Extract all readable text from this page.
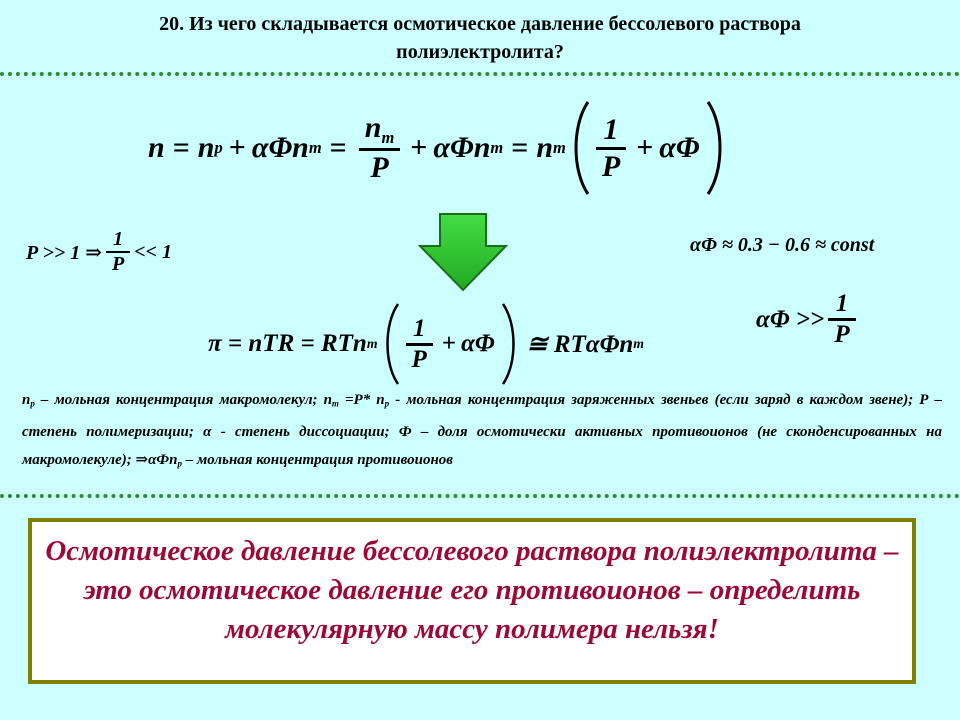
20. Из чего складывается осмотическое давление бессолевого раствора
полиэлектролита?
n = n p + αΦ n $m = \frac{n_m}{P} + \alpha\Phi$ n m = n m $\frac{1}{P} + \alpha\Phi$
P >> 1 ⇒ $\frac{1}{P} << 1$	αΦ ≈ 0.3 − 0.6 ≈ const
π = nTR = RTn m $\frac{1}{P} + \alpha\Phi$ ≅ RTαΦn m
$\alpha\Phi >> \frac{1}{P}$
$n_p$ – мольная концентрация макромолекул; $n_m =P*$ $n_p$ - мольная концентрация заряженных звеньев (если заряд в каждом звене); Р – степень полимеризации; α - степень диссоциации; Ф – доля осмотически активных противоионов (не сконденсированных на макромолекуле); ⇒αФn$_p$ – мольная концентрация противоионов
Осмотическое давление бессолевого раствора полиэлектролита – это осмотическое давление его противоионов – определить молекулярную массу полимера нельзя!
